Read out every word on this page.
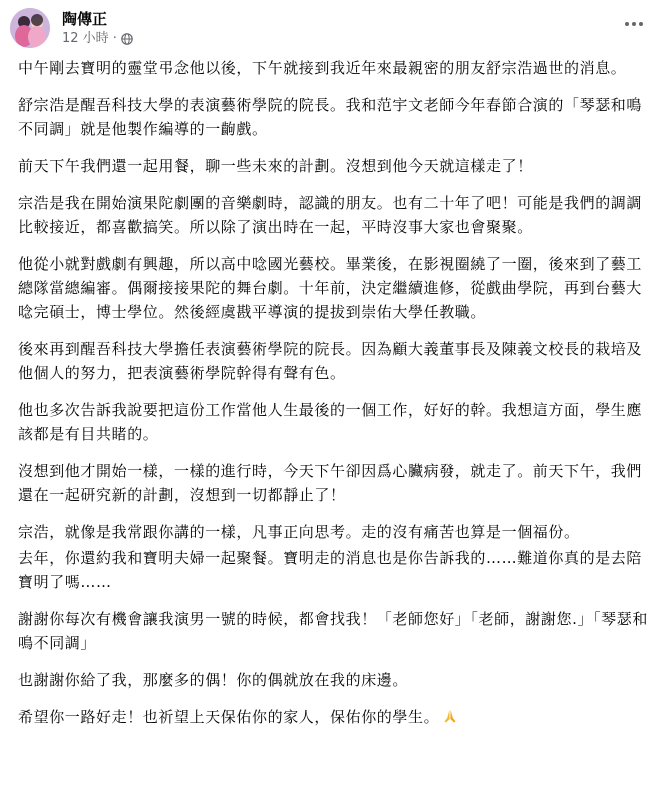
陶傳正
12 小時 ·

中午剛去寶明的靈堂弔念他以後，下午就接到我近年來最親密的朋友舒宗浩過世的消息。

舒宗浩是醒吾科技大學的表演藝術學院的院長。我和范宇文老師今年春節合演的「琴瑟和鳴不同調」就是他製作編導的一齣戲。

前天下午我們還一起用餐，聊一些未來的計劃。沒想到他今天就這樣走了！

宗浩是我在開始演果陀劇團的音樂劇時，認識的朋友。也有二十年了吧！可能是我們的調調比較接近，都喜歡搞笑。所以除了演出時在一起，平時沒事大家也會聚聚。

他從小就對戲劇有興趣，所以高中唸國光藝校。畢業後，在影視圈繞了一圈，後來到了藝工總隊當總編審。偶爾接接果陀的舞台劇。十年前，決定繼續進修，從戲曲學院，再到台藝大唸完碩士，博士學位。然後經虞戡平導演的提拔到崇佑大學任教職。

後來再到醒吾科技大學擔任表演藝術學院的院長。因為顧大義董事長及陳義文校長的栽培及他個人的努力，把表演藝術學院幹得有聲有色。

他也多次告訴我說要把這份工作當他人生最後的一個工作，好好的幹。我想這方面，學生應該都是有目共睹的。

沒想到他才開始一樣，一樣的進行時，今天下午卻因爲心臟病發，就走了。前天下午，我們還在一起研究新的計劃，沒想到一切都靜止了！

宗浩，就像是我常跟你講的一樣，凡事正向思考。走的沒有痛苦也算是一個福份。

去年，你還約我和寶明夫婦一起聚餐。寶明走的消息也是你告訴我的……難道你真的是去陪寶明了嗎……

謝謝你每次有機會讓我演男一號的時候，都會找我！「老師您好」「老師，謝謝您.」「琴瑟和鳴不同調」

也謝謝你給了我，那麼多的偶！你的偶就放在我的床邊。

希望你一路好走！也祈望上天保佑你的家人，保佑你的學生。
